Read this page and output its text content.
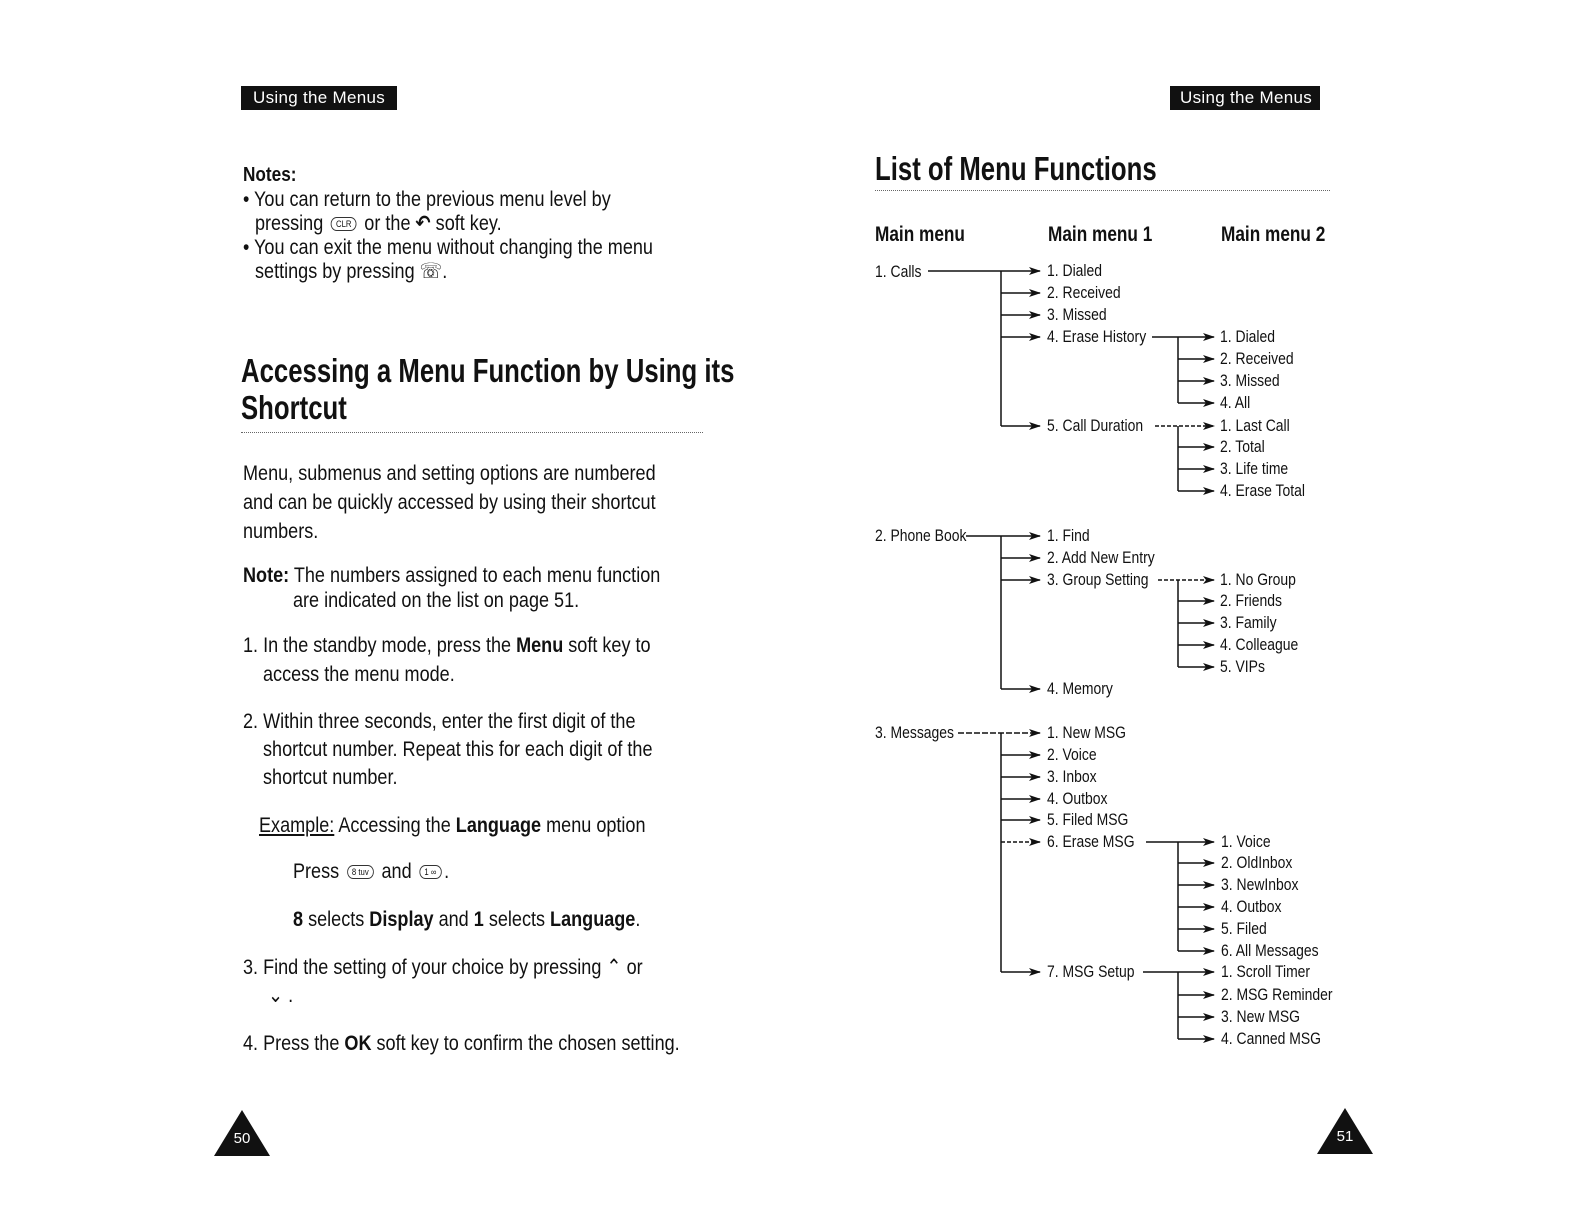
Using the Menus
Notes:
• You can return to the previous menu level by
pressing CLR or the ↶ soft key.
• You can exit the menu without changing the menu
settings by pressing ☏.
Accessing a Menu Function by Using its
Shortcut
Menu, submenus and setting options are numbered
and can be quickly accessed by using their shortcut
numbers.
Note: The numbers assigned to each menu function
are indicated on the list on page 51.
1. In the standby mode, press the Menu soft key to
access the menu mode.
2. Within three seconds, enter the first digit of the
shortcut number. Repeat this for each digit of the
shortcut number.
Example: Accessing the Language menu option
Press 8 tuv and 1 ∞ .
8 selects Display and 1 selects Language.
3. Find the setting of your choice by pressing ⌃ or
⌄ .
4. Press the OK soft key to confirm the chosen setting.
50
Using the Menus
List of Menu Functions
Main menu	Main menu 1	Main menu 2
1. Calls
2. Phone Book
3. Messages
1. Dialed
2. Received
3. Missed
4. Erase History
5. Call Duration
1. Dialed
2. Received
3. Missed
4. All
1. Last Call
2. Total
3. Life time
4. Erase Total
1. Find
2. Add New Entry
3. Group Setting
4. Memory
1. No Group
2. Friends
3. Family
4. Colleague
5. VIPs
1. New MSG
2. Voice
3. Inbox
4. Outbox
5. Filed MSG
6. Erase MSG
7. MSG Setup
1. Voice
2. OldInbox
3. NewInbox
4. Outbox
5. Filed
6. All Messages
1. Scroll Timer
2. MSG Reminder
3. New MSG
4. Canned MSG
51
